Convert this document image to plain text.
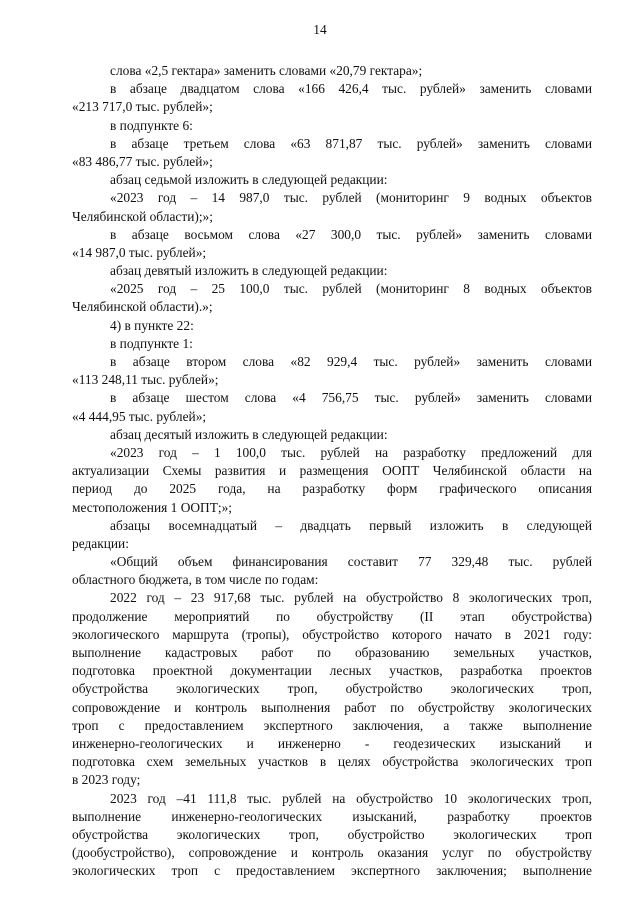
14
слова «2,5 гектара» заменить словами «20,79 гектара»;
в абзаце двадцатом слова «166 426,4 тыс. рублей» заменить словами
«213 717,0 тыс. рублей»;
в подпункте 6:
в абзаце третьем слова «63 871,87 тыс. рублей» заменить словами
«83 486,77 тыс. рублей»;
абзац седьмой изложить в следующей редакции:
«2023 год – 14 987,0 тыс. рублей (мониторинг 9 водных объектов
Челябинской области);»;
в абзаце восьмом слова «27 300,0 тыс. рублей» заменить словами
«14 987,0 тыс. рублей»;
абзац девятый изложить в следующей редакции:
«2025 год – 25 100,0 тыс. рублей (мониторинг 8 водных объектов
Челябинской области).»;
4) в пункте 22:
в подпункте 1:
в абзаце втором слова «82 929,4 тыс. рублей» заменить словами
«113 248,11 тыс. рублей»;
в абзаце шестом слова «4 756,75 тыс. рублей» заменить словами
«4 444,95 тыс. рублей»;
абзац десятый изложить в следующей редакции:
«2023 год – 1 100,0 тыс. рублей на разработку предложений для
актуализации Схемы развития и размещения ООПТ Челябинской области на
период до 2025 года, на разработку форм графического описания
местоположения 1 ООПТ;»;
абзацы восемнадцатый – двадцать первый изложить в следующей
редакции:
«Общий объем финансирования составит 77 329,48 тыс. рублей
областного бюджета, в том числе по годам:
2022 год – 23 917,68 тыс. рублей на обустройство 8 экологических троп,
продолжение мероприятий по обустройству (II этап обустройства)
экологического маршрута (тропы), обустройство которого начато в 2021 году:
выполнение кадастровых работ по образованию земельных участков,
подготовка проектной документации лесных участков, разработка проектов
обустройства экологических троп, обустройство экологических троп,
сопровождение и контроль выполнения работ по обустройству экологических
троп с предоставлением экспертного заключения, а также выполнение
инженерно-геологических и инженерно - геодезических изысканий и
подготовка схем земельных участков в целях обустройства экологических троп
в 2023 году;
2023 год –41 111,8 тыс. рублей на обустройство 10 экологических троп,
выполнение инженерно-геологических изысканий, разработку проектов
обустройства экологических троп, обустройство экологических троп
(дообустройство), сопровождение и контроль оказания услуг по обустройству
экологических троп с предоставлением экспертного заключения; выполнение
